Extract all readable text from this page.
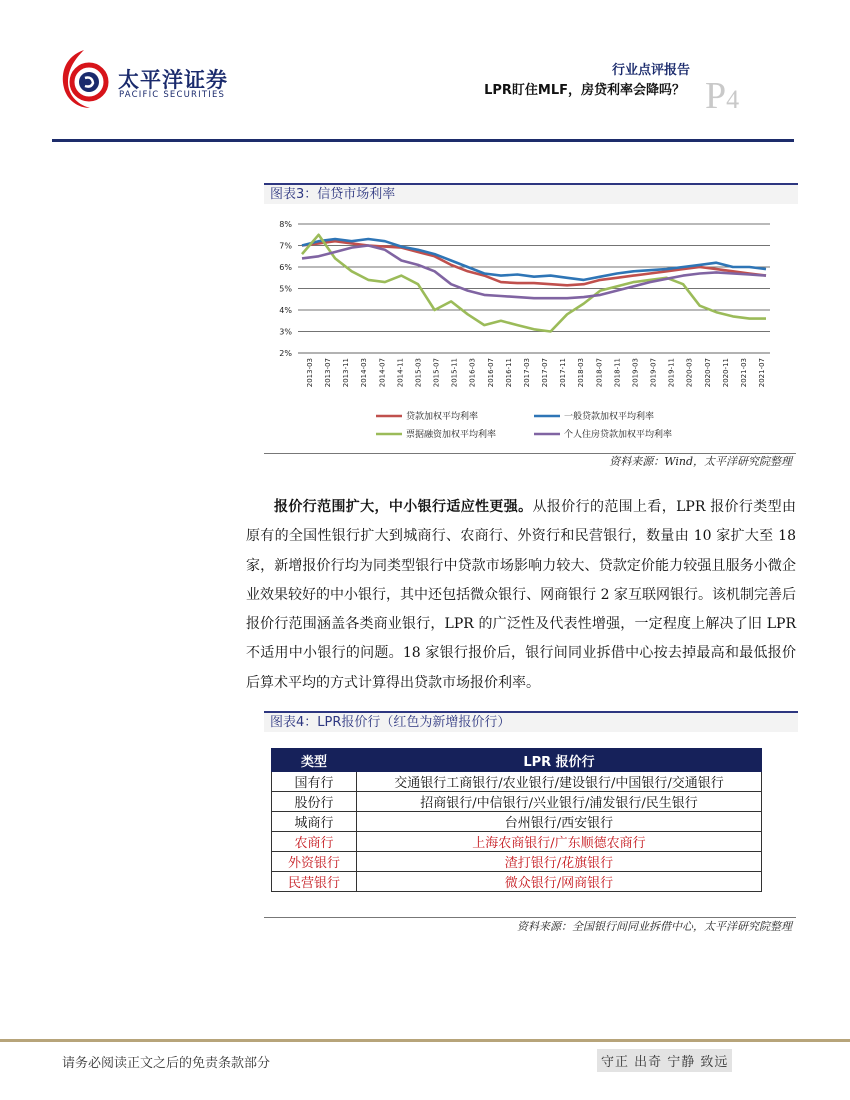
太平洋证券
PACIFIC SECURITIES
行业点评报告
LPR盯住MLF，房贷利率会降吗？ P4
图表3：信贷市场利率
8%
7%
6%
5%
4%
3%
2%
2013-03 2013-07 2013-11 2014-03 2014-07 2014-11 2015-03 2015-07 2015-11 2016-03 2016-07 2016-11 2017-03 2017-07 2017-11 2018-03 2018-07 2018-11 2019-03 2019-07 2019-11 2020-03 2020-07 2020-11 2021-03 2021-07
贷款加权平均利率	一般贷款加权平均利率
票据融资加权平均利率	个人住房贷款加权平均利率
资料来源：Wind，太平洋研究院整理
报价行范围扩大，中小银行适应性更强。从报价行的范围上看，LPR 报价行类型由原有的全国性银行扩大到城商行、农商行、外资行和民营银行，数量由 10 家扩大至 18 家，新增报价行均为同类型银行中贷款市场影响力较大、贷款定价能力较强且服务小微企业效果较好的中小银行，其中还包括微众银行、网商银行 2 家互联网银行。该机制完善后报价行范围涵盖各类商业银行，LPR 的广泛性及代表性增强，一定程度上解决了旧 LPR 不适用中小银行的问题。18 家银行报价后，银行间同业拆借中心按去掉最高和最低报价后算术平均的方式计算得出贷款市场报价利率。
图表4：LPR报价行（红色为新增报价行）
类型	LPR 报价行
国有行	交通银行工商银行/农业银行/建设银行/中国银行/交通银行
股份行	招商银行/中信银行/兴业银行/浦发银行/民生银行
城商行	台州银行/西安银行
农商行	上海农商银行/广东顺德农商行
外资银行	渣打银行/花旗银行
民营银行	微众银行/网商银行
资料来源：全国银行间同业拆借中心，太平洋研究院整理
请务必阅读正文之后的免责条款部分	守正 出奇 宁静 致远
